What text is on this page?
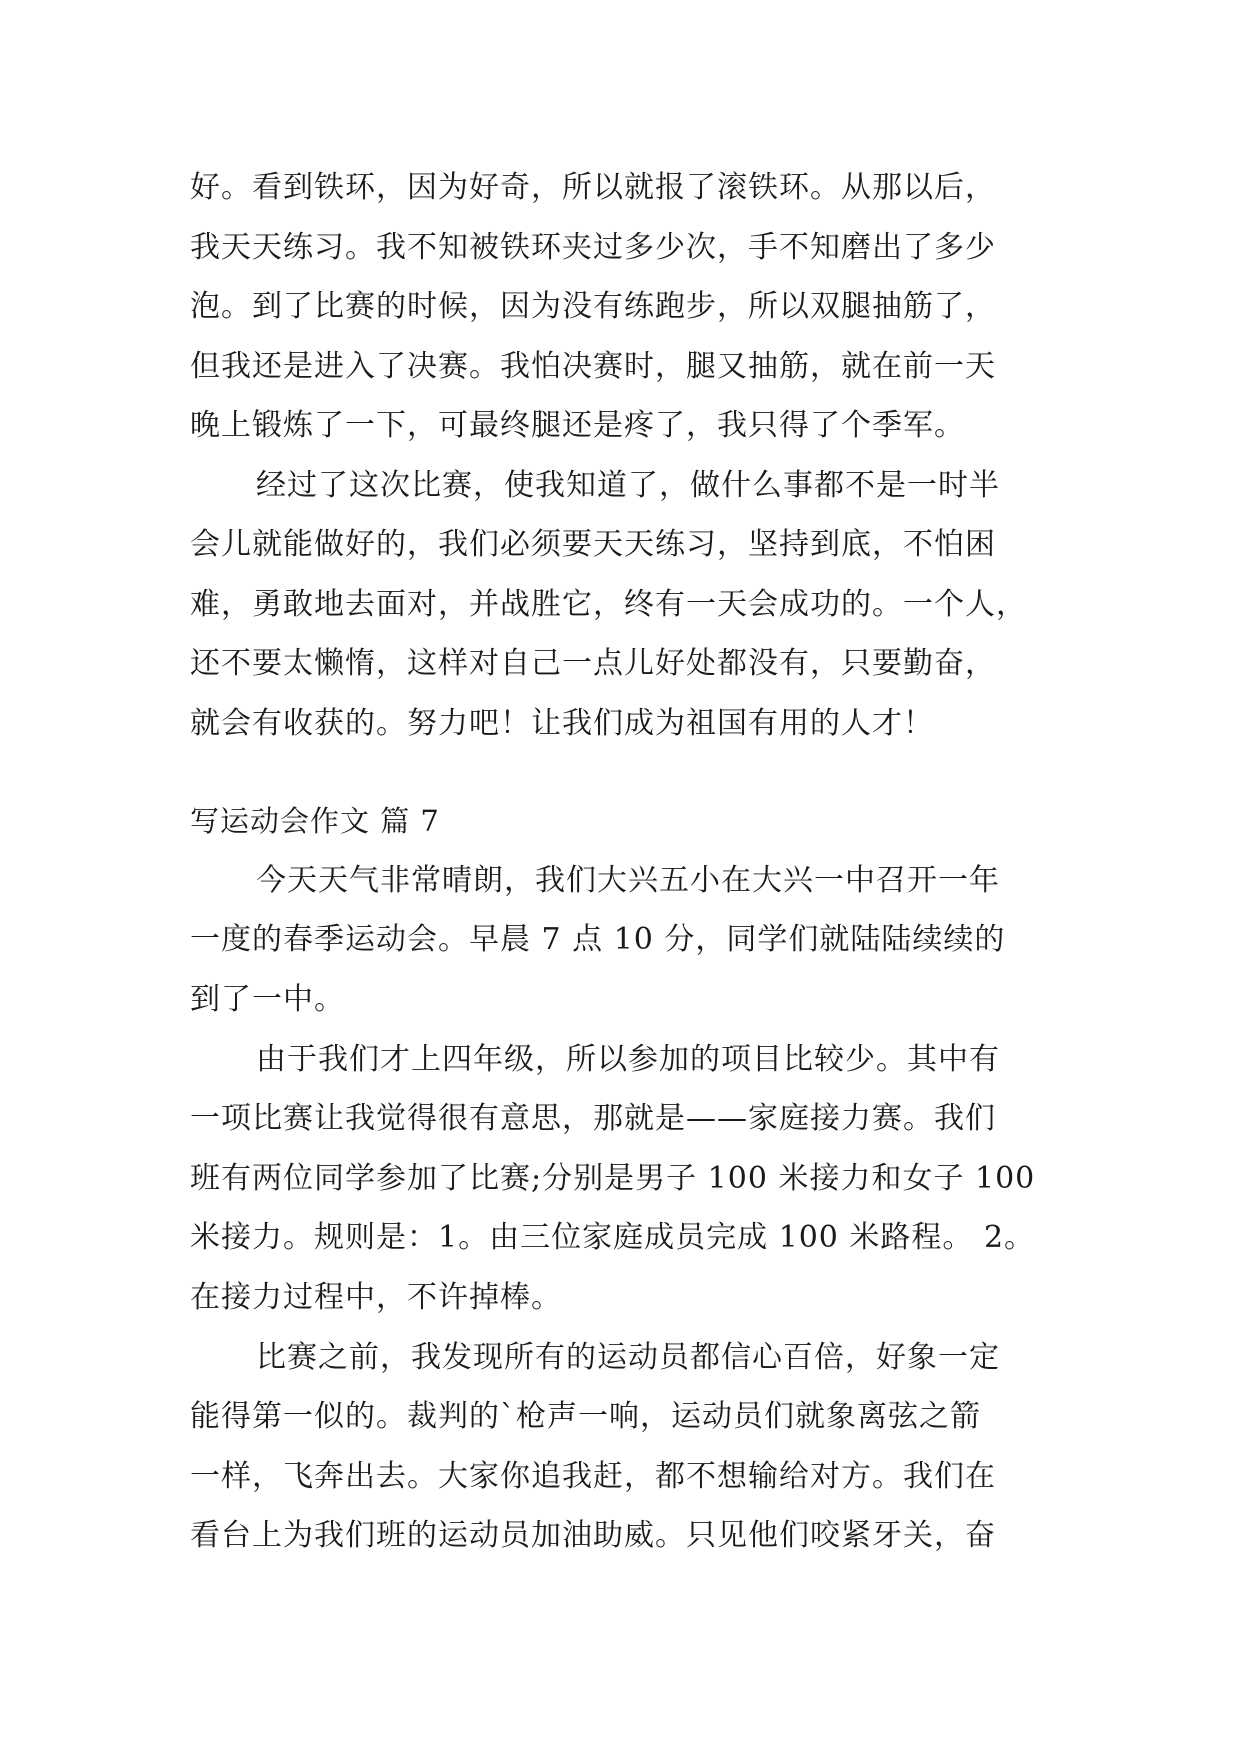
好。看到铁环，因为好奇，所以就报了滚铁环。从那以后，
我天天练习。我不知被铁环夹过多少次，手不知磨出了多少
泡。到了比赛的时候，因为没有练跑步，所以双腿抽筋了，
但我还是进入了决赛。我怕决赛时，腿又抽筋，就在前一天
晚上锻炼了一下，可最终腿还是疼了，我只得了个季军。
经过了这次比赛，使我知道了，做什么事都不是一时半
会儿就能做好的，我们必须要天天练习，坚持到底，不怕困
难，勇敢地去面对，并战胜它，终有一天会成功的。一个人，
还不要太懒惰，这样对自己一点儿好处都没有，只要勤奋，
就会有收获的。努力吧！让我们成为祖国有用的人才！
写运动会作文 篇 7
今天天气非常晴朗，我们大兴五小在大兴一中召开一年
一度的春季运动会。早晨 7 点 10 分，同学们就陆陆续续的
到了一中。
由于我们才上四年级，所以参加的项目比较少。其中有
一项比赛让我觉得很有意思，那就是——家庭接力赛。我们
班有两位同学参加了比赛;分别是男子 100 米接力和女子 100
米接力。规则是：1。由三位家庭成员完成 100 米路程。 2。
在接力过程中，不许掉棒。
比赛之前，我发现所有的运动员都信心百倍，好象一定
能得第一似的。裁判的`枪声一响，运动员们就象离弦之箭
一样，飞奔出去。大家你追我赶，都不想输给对方。我们在
看台上为我们班的运动员加油助威。只见他们咬紧牙关，奋
